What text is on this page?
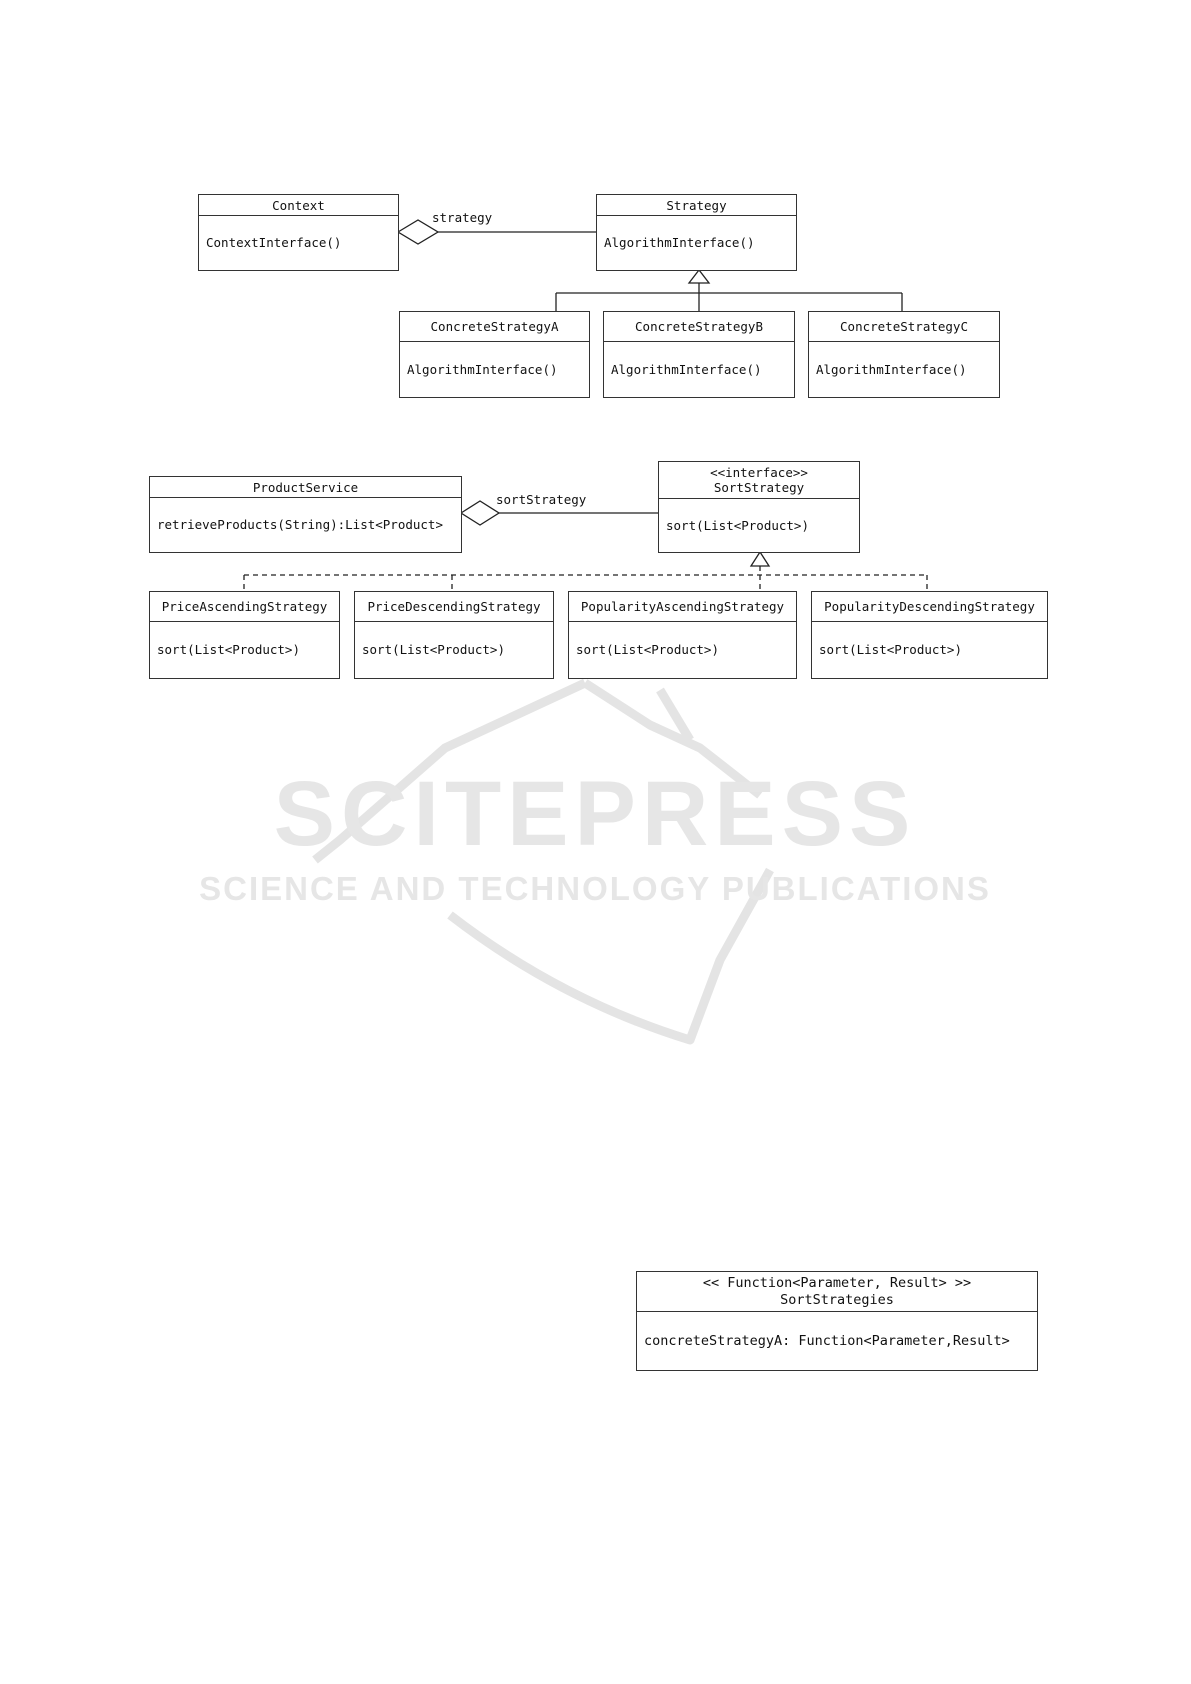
SCITEPRESS
SCIENCE AND TECHNOLOGY PUBLICATIONS
Context
ContextInterface()
strategy
Strategy
AlgorithmInterface()
ConcreteStrategyA
AlgorithmInterface()
ConcreteStrategyB
AlgorithmInterface()
ConcreteStrategyC
AlgorithmInterface()
ProductService
retrieveProducts(String):List<Product>
sortStrategy
<<interface>>
SortStrategy
sort(List<Product>)
PriceAscendingStrategy
sort(List<Product>)
PriceDescendingStrategy
sort(List<Product>)
PopularityAscendingStrategy
sort(List<Product>)
PopularityDescendingStrategy
sort(List<Product>)
<< Function<Parameter, Result> >>
SortStrategies
concreteStrategyA: Function<Parameter,Result>
